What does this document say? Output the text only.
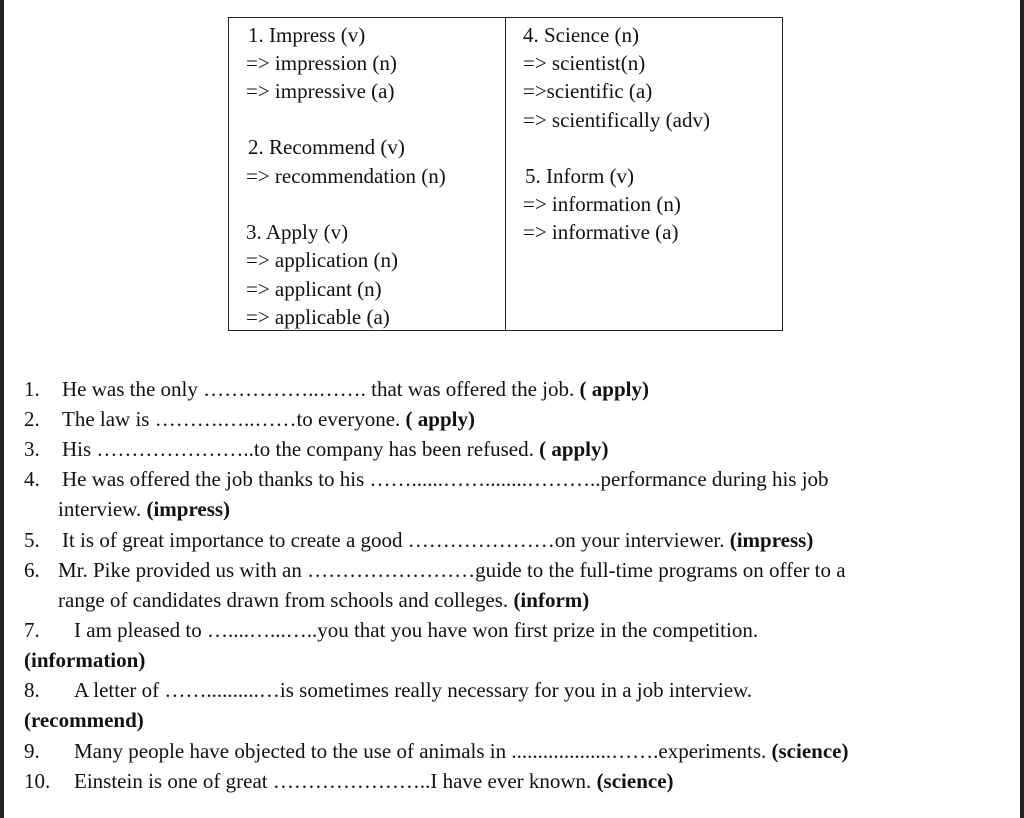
1. Impress (v)
=> impression (n)
=> impressive (a)
2. Recommend (v)
=> recommendation (n)
3. Apply (v)
=> application (n)
=> applicant (n)
=> applicable (a)

4. Science (n)
=> scientist(n)
=>scientific (a)
=> scientifically (adv)
5. Inform (v)
=> information (n)
=> informative (a)
1. He was the only ……………..……. that was offered the job. ( apply)
2. The law is ……….…..……to everyone. ( apply)
3. His …………………..to the company has been refused. ( apply)
4. He was offered the job thanks to his ……......……........………..performance during his job
interview. (impress)
5. It is of great importance to create a good …………………on your interviewer. (impress)
6. Mr. Pike provided us with an ……………………guide to the full-time programs on offer to a
range of candidates drawn from schools and colleges. (inform)
7. I am pleased to …....…...…..you that you have won first prize in the competition.
(information)
8. A letter of ……..........…is sometimes really necessary for you in a job interview.
(recommend)
9. Many people have objected to the use of animals in ...................…….experiments. (science)
10. Einstein is one of great …………………..I have ever known. (science)
